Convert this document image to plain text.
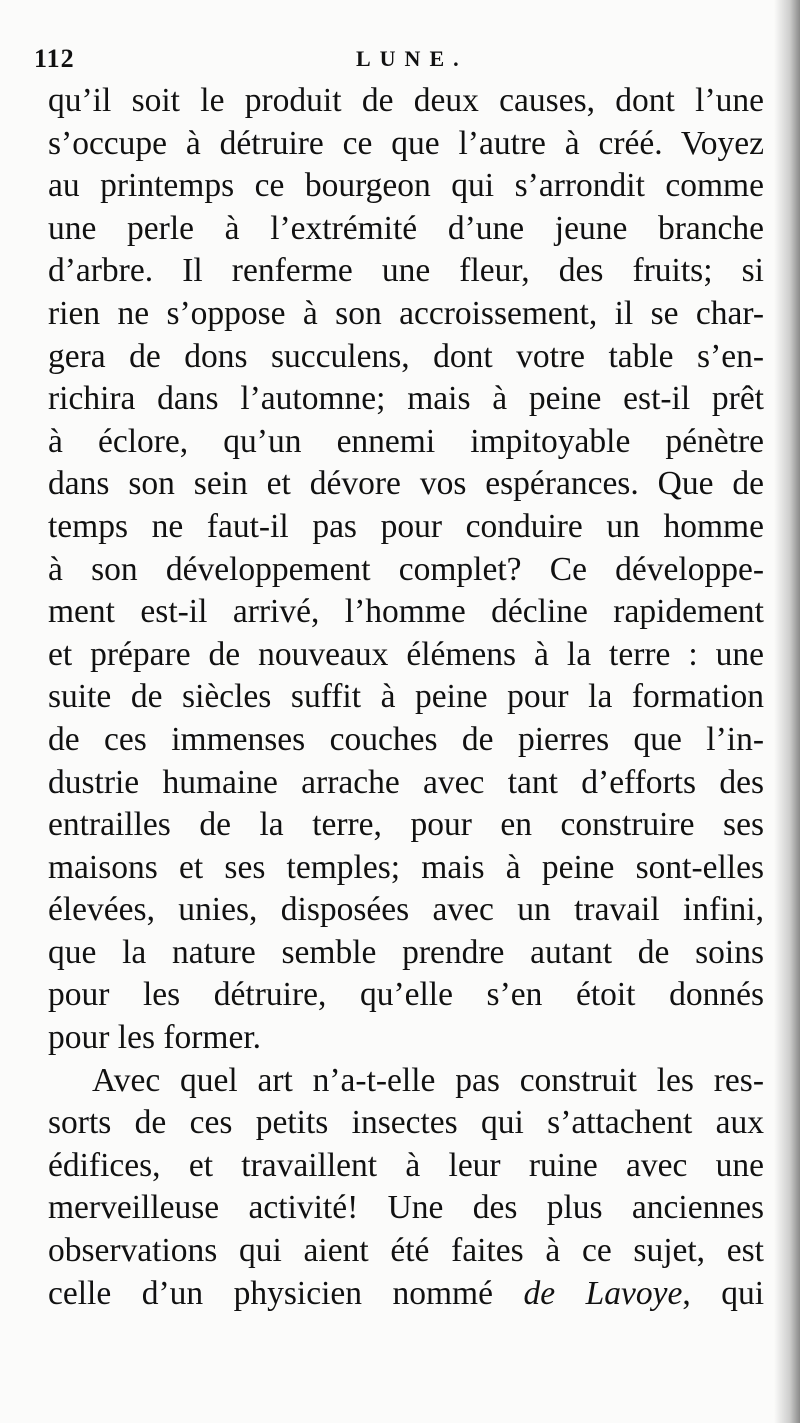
112	LUNE.
qu’il soit le produit de deux causes, dont l’une
s’occupe à détruire ce que l’autre à créé. Voyez
au printemps ce bourgeon qui s’arrondit comme
une perle à l’extrémité d’une jeune branche
d’arbre. Il renferme une fleur, des fruits; si
rien ne s’oppose à son accroissement, il se char-
gera de dons succulens, dont votre table s’en-
richira dans l’automne; mais à peine est-il prêt
à éclore, qu’un ennemi impitoyable pénètre
dans son sein et dévore vos espérances. Que de
temps ne faut-il pas pour conduire un homme
à son développement complet? Ce développe-
ment est-il arrivé, l’homme décline rapidement
et prépare de nouveaux élémens à la terre : une
suite de siècles suffit à peine pour la formation
de ces immenses couches de pierres que l’in-
dustrie humaine arrache avec tant d’efforts des
entrailles de la terre, pour en construire ses
maisons et ses temples; mais à peine sont-elles
élevées, unies, disposées avec un travail infini,
que la nature semble prendre autant de soins
pour les détruire, qu’elle s’en étoit donnés
pour les former.
Avec quel art n’a-t-elle pas construit les res-
sorts de ces petits insectes qui s’attachent aux
édifices, et travaillent à leur ruine avec une
merveilleuse activité! Une des plus anciennes
observations qui aient été faites à ce sujet, est
celle d’un physicien nommé de Lavoye, qui
